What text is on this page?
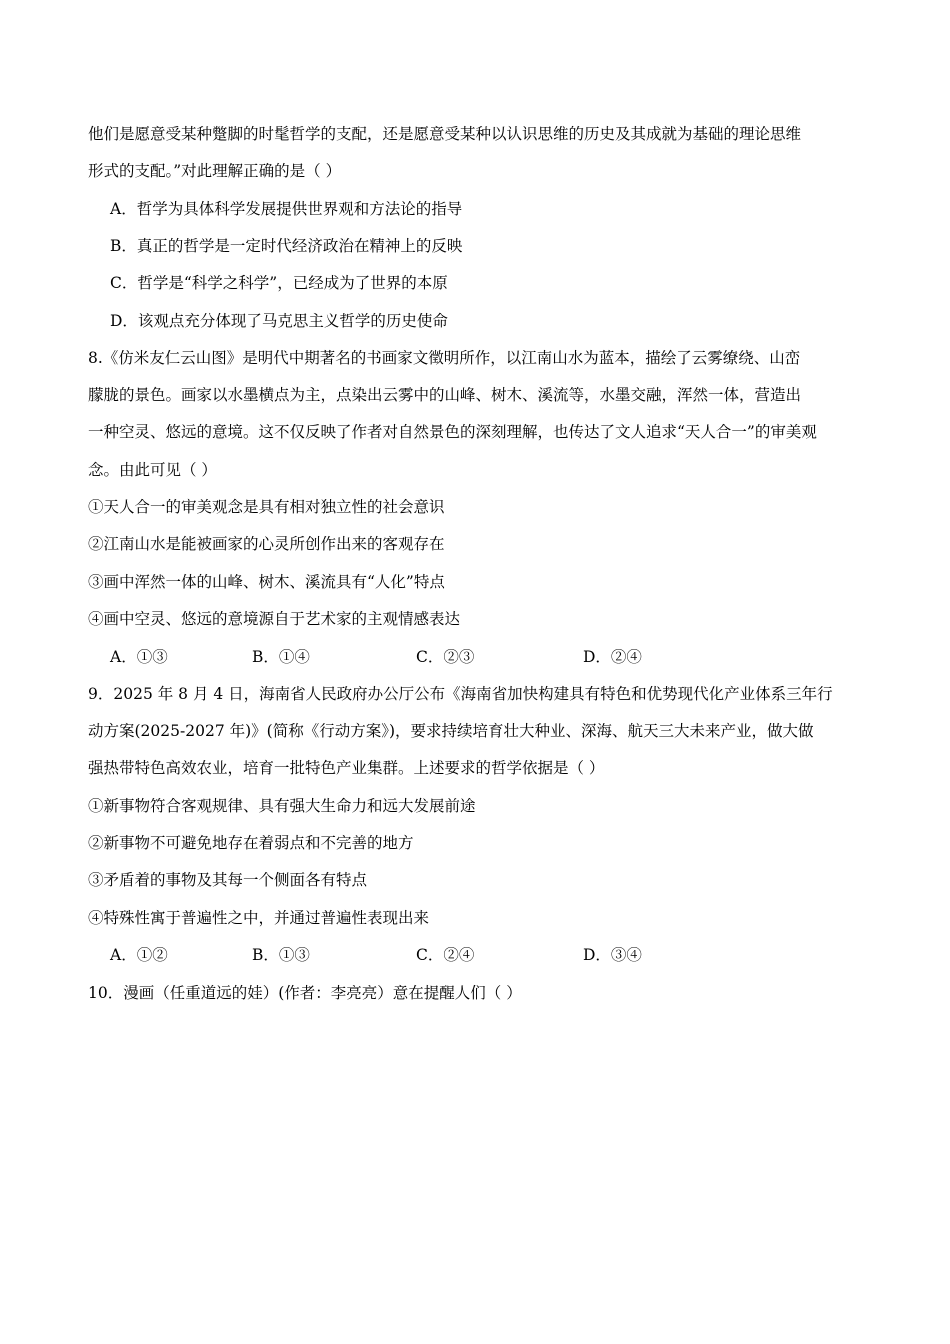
他们是愿意受某种蹩脚的时髦哲学的支配，还是愿意受某种以认识思维的历史及其成就为基础的理论思维
形式的支配。”对此理解正确的是（ ）
A．哲学为具体科学发展提供世界观和方法论的指导
B．真正的哲学是一定时代经济政治在精神上的反映
C．哲学是“科学之科学”，已经成为了世界的本原
D．该观点充分体现了马克思主义哲学的历史使命
8.《仿米友仁云山图》是明代中期著名的书画家文徵明所作，以江南山水为蓝本，描绘了云雾缭绕、山峦
朦胧的景色。画家以水墨横点为主，点染出云雾中的山峰、树木、溪流等，水墨交融，浑然一体，营造出
一种空灵、悠远的意境。这不仅反映了作者对自然景色的深刻理解，也传达了文人追求“天人合一”的审美观
念。由此可见（ ）
①天人合一的审美观念是具有相对独立性的社会意识
②江南山水是能被画家的心灵所创作出来的客观存在
③画中浑然一体的山峰、树木、溪流具有“人化”特点
④画中空灵、悠远的意境源自于艺术家的主观情感表达
A．①③	B．①④	C．②③	D．②④
9．2025 年 8 月 4 日，海南省人民政府办公厅公布《海南省加快构建具有特色和优势现代化产业体系三年行
动方案(2025-2027 年)》(简称《行动方案》)，要求持续培育壮大种业、深海、航天三大未来产业，做大做
强热带特色高效农业，培育一批特色产业集群。上述要求的哲学依据是（ ）
①新事物符合客观规律、具有强大生命力和远大发展前途
②新事物不可避免地存在着弱点和不完善的地方
③矛盾着的事物及其每一个侧面各有特点
④特殊性寓于普遍性之中，并通过普遍性表现出来
A．①②	B．①③	C．②④	D．③④
10．漫画（任重道远的娃）(作者：李亮亮）意在提醒人们（ ）
